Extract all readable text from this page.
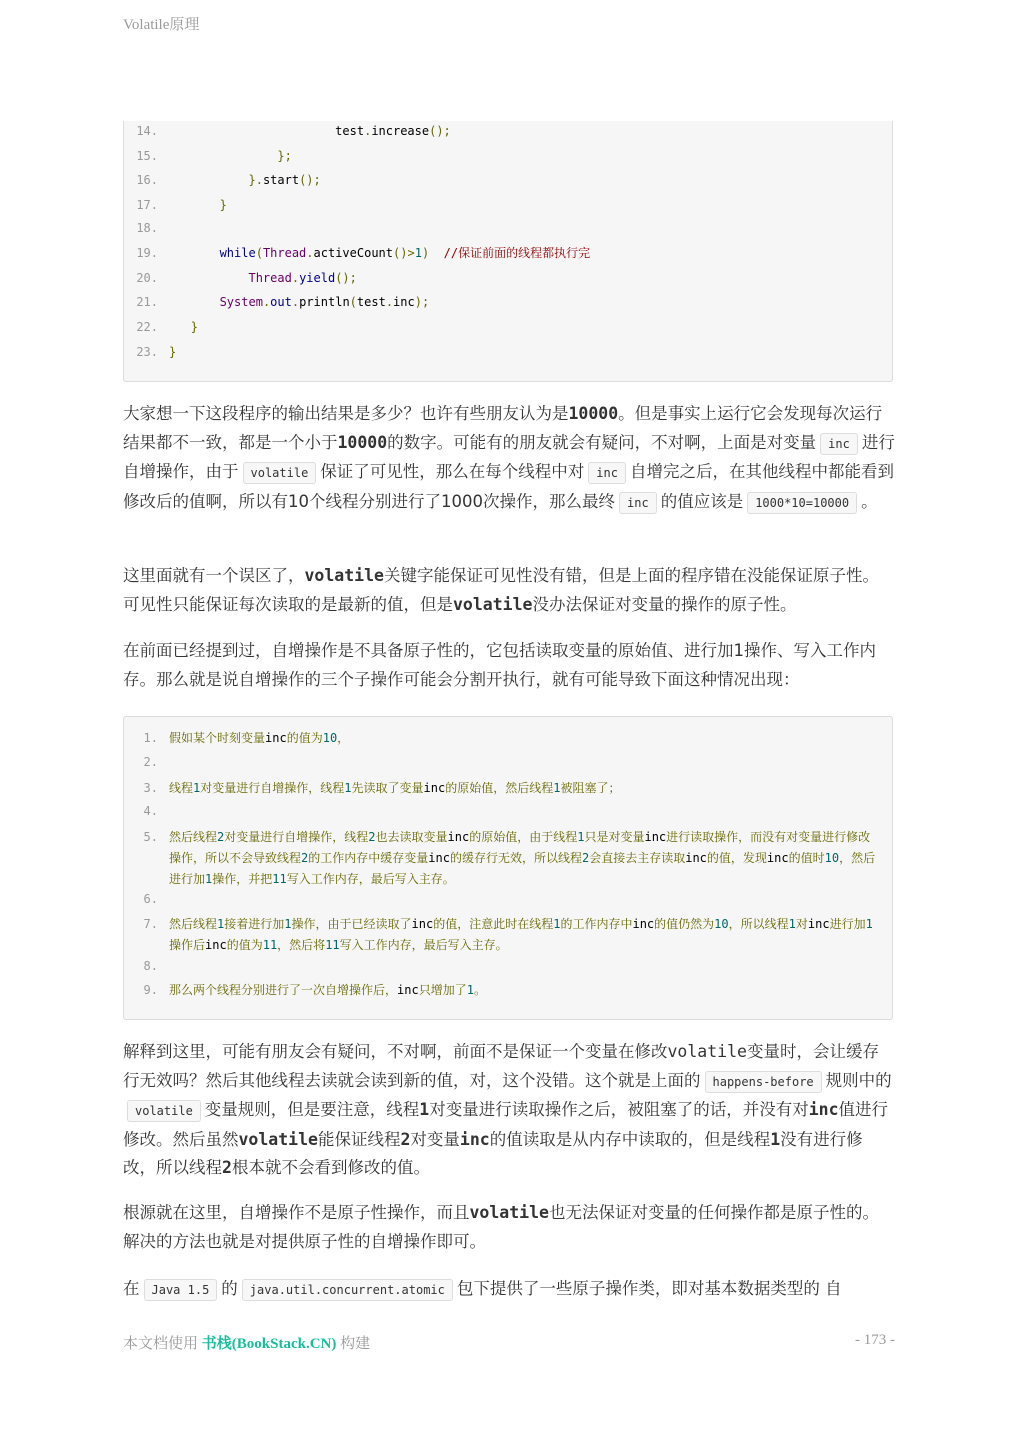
Volatile原理
14.	test.increase();
15.	};
16.	}.start();
17.	}
18.
19.	while(Thread.activeCount()>1) //保证前面的线程都执行完
20.	Thread.yield();
21.	System.out.println(test.inc);
22.	}
23. }
大家想一下这段程序的输出结果是多少？也许有些朋友认为是10000。但是事实上运行它会发现每次运行结果都不一致，都是一个小于10000的数字。可能有的朋友就会有疑问，不对啊，上面是对变量 inc 进行自增操作，由于 volatile 保证了可见性，那么在每个线程中对 inc 自增完之后，在其他线程中都能看到修改后的值啊，所以有10个线程分别进行了1000次操作，那么最终 inc 的值应该是 1000*10=10000 。
这里面就有一个误区了，volatile关键字能保证可见性没有错，但是上面的程序错在没能保证原子性。可见性只能保证每次读取的是最新的值，但是volatile没办法保证对变量的操作的原子性。
在前面已经提到过，自增操作是不具备原子性的，它包括读取变量的原始值、进行加1操作、写入工作内存。那么就是说自增操作的三个子操作可能会分割开执行，就有可能导致下面这种情况出现：
1. 假如某个时刻变量inc的值为10，
2.
3. 线程1对变量进行自增操作，线程1先读取了变量inc的原始值，然后线程1被阻塞了；
4.
5. 然后线程2对变量进行自增操作，线程2也去读取变量inc的原始值，由于线程1只是对变量inc进行读取操作，而没有对变量进行修改操作，所以不会导致线程2的工作内存中缓存变量inc的缓存行无效，所以线程2会直接去主存读取inc的值，发现inc的值时10，然后进行加1操作，并把11写入工作内存，最后写入主存。
6.
7. 然后线程1接着进行加1操作，由于已经读取了inc的值，注意此时在线程1的工作内存中inc的值仍然为10，所以线程1对inc进行加1操作后inc的值为11，然后将11写入工作内存，最后写入主存。
8.
9. 那么两个线程分别进行了一次自增操作后，inc只增加了1。
解释到这里，可能有朋友会有疑问，不对啊，前面不是保证一个变量在修改volatile变量时，会让缓存行无效吗？然后其他线程去读就会读到新的值，对，这个没错。这个就是上面的 happens-before 规则中的volatile 变量规则，但是要注意，线程1对变量进行读取操作之后，被阻塞了的话，并没有对inc值进行修改。然后虽然volatile能保证线程2对变量inc的值读取是从内存中读取的，但是线程1没有进行修改，所以线程2根本就不会看到修改的值。
根源就在这里，自增操作不是原子性操作，而且volatile也无法保证对变量的任何操作都是原子性的。解决的方法也就是对提供原子性的自增操作即可。
在 Java 1.5 的 java.util.concurrent.atomic 包下提供了一些原子操作类，即对基本数据类型的 自
本文档使用 书栈(BookStack.CN) 构建	- 173 -
